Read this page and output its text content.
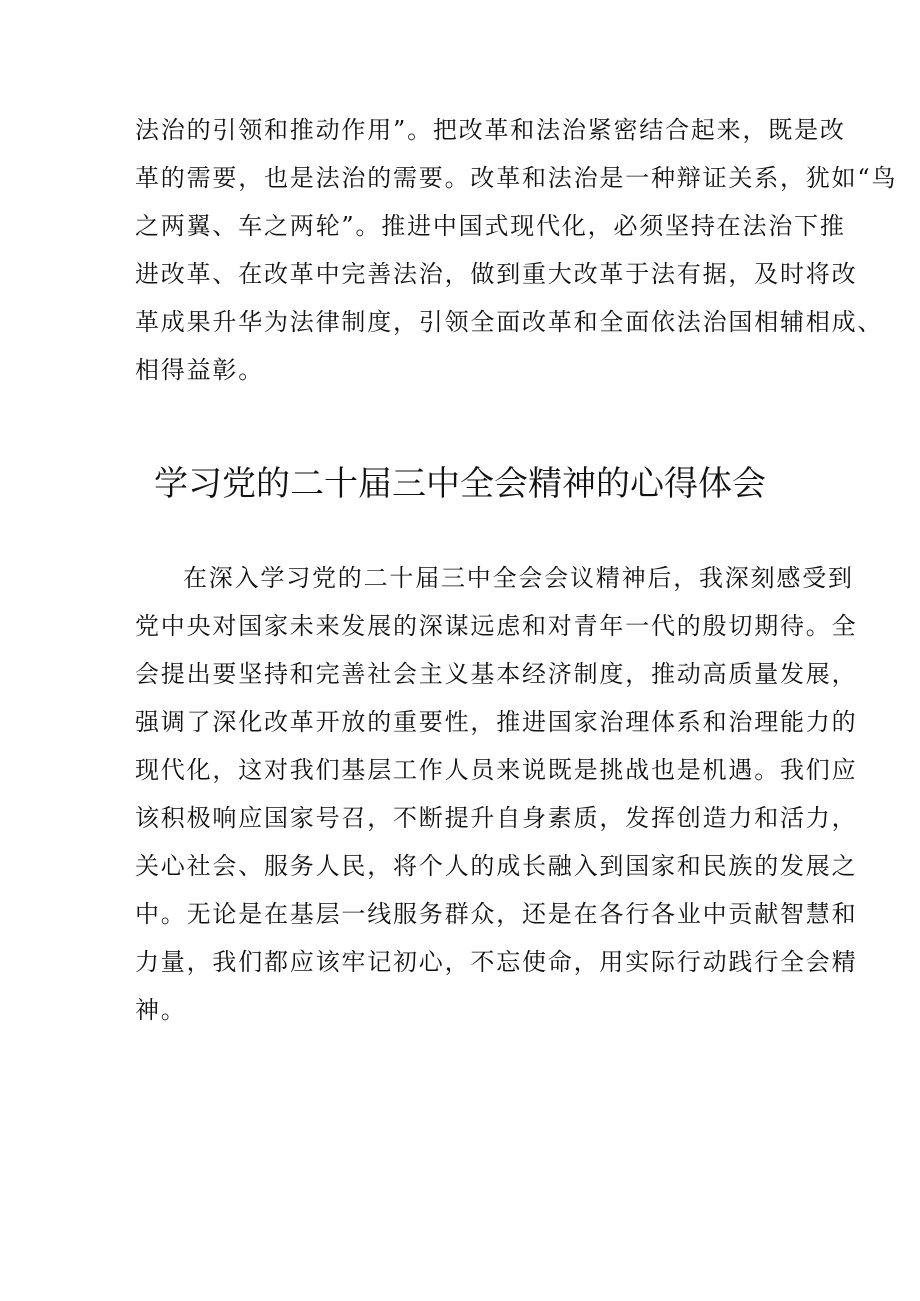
法治的引领和推动作用”。把改革和法治紧密结合起来，既是改
革的需要，也是法治的需要。改革和法治是一种辩证关系，犹如“鸟
之两翼、车之两轮”。推进中国式现代化，必须坚持在法治下推
进改革、在改革中完善法治，做到重大改革于法有据，及时将改
革成果升华为法律制度，引领全面改革和全面依法治国相辅相成、
相得益彰。
学习党的二十届三中全会精神的心得体会
在深入学习党的二十届三中全会会议精神后，我深刻感受到
党中央对国家未来发展的深谋远虑和对青年一代的殷切期待。全
会提出要坚持和完善社会主义基本经济制度，推动高质量发展，
强调了深化改革开放的重要性，推进国家治理体系和治理能力的
现代化，这对我们基层工作人员来说既是挑战也是机遇。我们应
该积极响应国家号召，不断提升自身素质，发挥创造力和活力，
关心社会、服务人民，将个人的成长融入到国家和民族的发展之
中。无论是在基层一线服务群众，还是在各行各业中贡献智慧和
力量，我们都应该牢记初心，不忘使命，用实际行动践行全会精
神。
